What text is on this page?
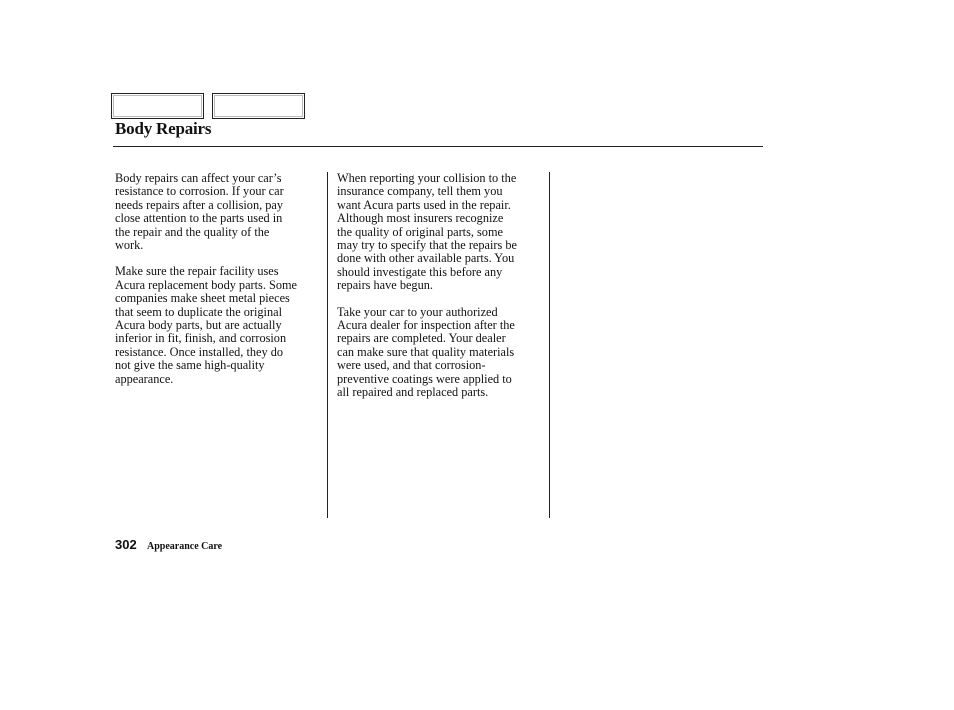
Body Repairs

Body repairs can affect your car’s
resistance to corrosion. If your car
needs repairs after a collision, pay
close attention to the parts used in
the repair and the quality of the
work.

Make sure the repair facility uses
Acura replacement body parts. Some
companies make sheet metal pieces
that seem to duplicate the original
Acura body parts, but are actually
inferior in fit, finish, and corrosion
resistance. Once installed, they do
not give the same high-quality
appearance.

When reporting your collision to the
insurance company, tell them you
want Acura parts used in the repair.
Although most insurers recognize
the quality of original parts, some
may try to specify that the repairs be
done with other available parts. You
should investigate this before any
repairs have begun.

Take your car to your authorized
Acura dealer for inspection after the
repairs are completed. Your dealer
can make sure that quality materials
were used, and that corrosion-
preventive coatings were applied to
all repaired and replaced parts.

302 Appearance Care
